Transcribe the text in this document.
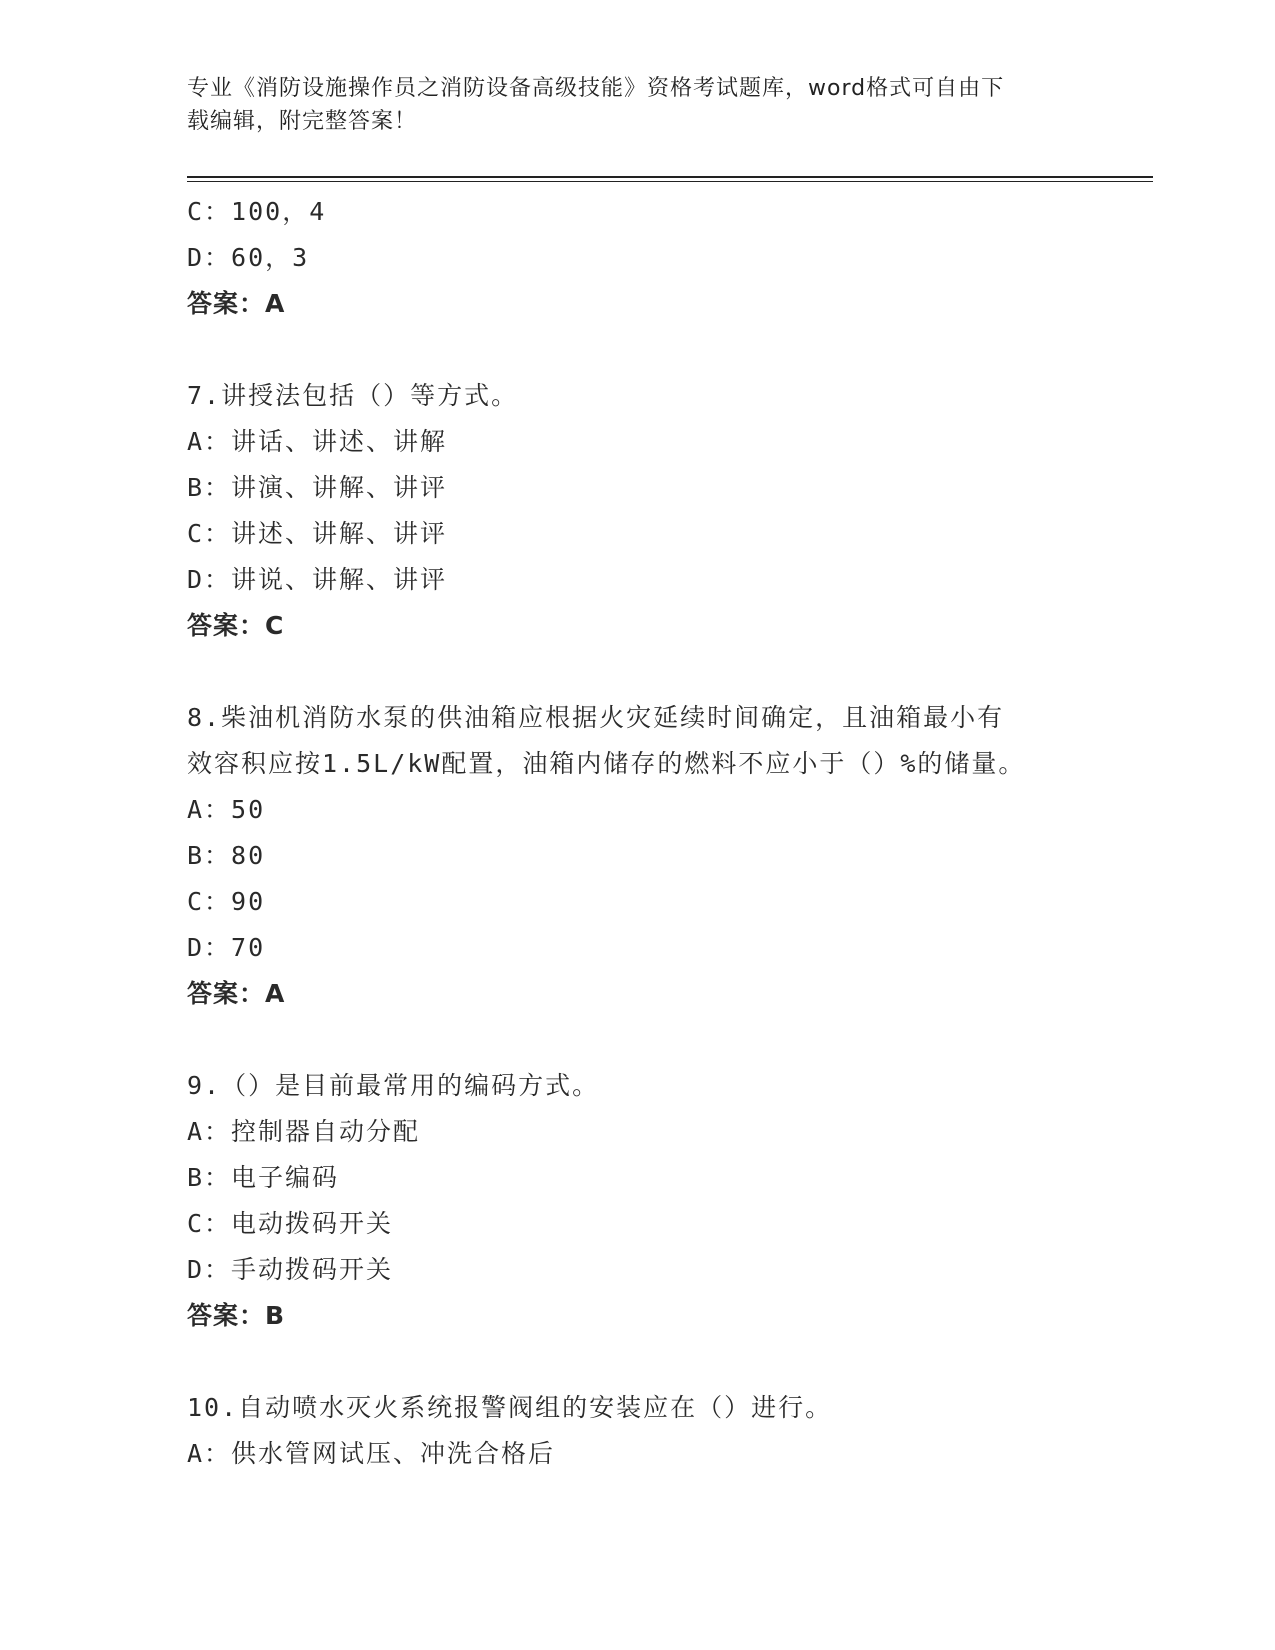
专业《消防设施操作员之消防设备高级技能》资格考试题库，word格式可自由下
载编辑，附完整答案！
C：100，4
D：60，3
答案：A
7.讲授法包括（）等方式。
A：讲话、讲述、讲解
B：讲演、讲解、讲评
C：讲述、讲解、讲评
D：讲说、讲解、讲评
答案：C
8.柴油机消防水泵的供油箱应根据火灾延续时间确定，且油箱最小有
效容积应按1.5L/kW配置，油箱内储存的燃料不应小于（）%的储量。
A：50
B：80
C：90
D：70
答案：A
9.（）是目前最常用的编码方式。
A：控制器自动分配
B：电子编码
C：电动拨码开关
D：手动拨码开关
答案：B
10.自动喷水灭火系统报警阀组的安装应在（）进行。
A：供水管网试压、冲洗合格后
